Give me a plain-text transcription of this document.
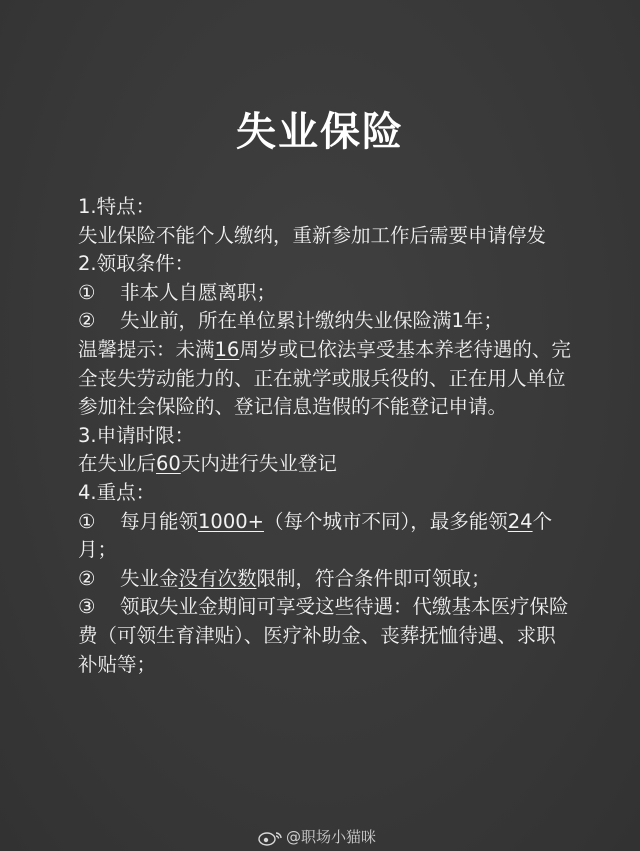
失业保险
1.特点：
失业保险不能个人缴纳，重新参加工作后需要申请停发
2.领取条件：
① 非本人自愿离职；
② 失业前，所在单位累计缴纳失业保险满1年；
温馨提示：未满16周岁或已依法享受基本养老待遇的、完全丧失劳动能力的、正在就学或服兵役的、正在用人单位参加社会保险的、登记信息造假的不能登记申请。
3.申请时限：
在失业后60天内进行失业登记
4.重点：
① 每月能领1000+（每个城市不同），最多能领24个月；
② 失业金没有次数限制，符合条件即可领取；
③ 领取失业金期间可享受这些待遇：代缴基本医疗保险费（可领生育津贴）、医疗补助金、丧葬抚恤待遇、求职补贴等；
@职场小猫咪
